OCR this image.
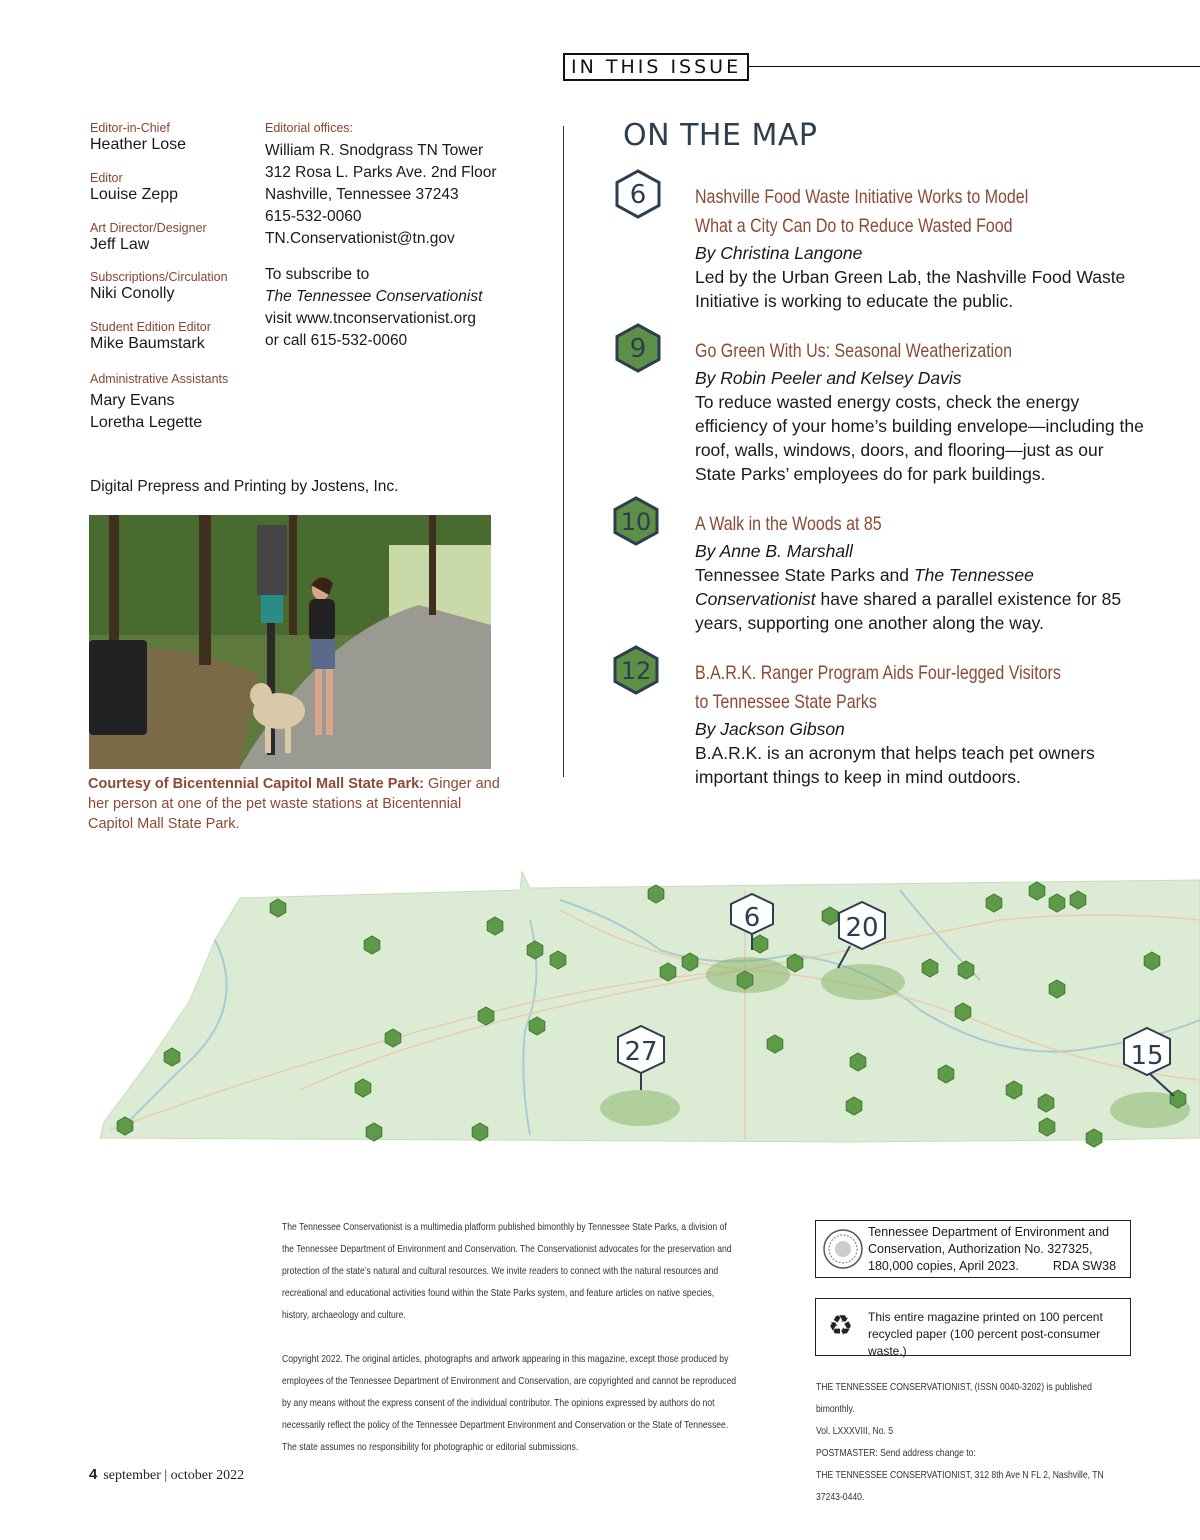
IN THIS ISSUE
Editor-in-Chief
Heather Lose
Editor
Louise Zepp
Art Director/Designer
Jeff Law
Subscriptions/Circulation
Niki Conolly
Student Edition Editor
Mike Baumstark
Administrative Assistants
Mary Evans
Loretha Legette
Editorial offices:
William R. Snodgrass TN Tower
312 Rosa L. Parks Ave. 2nd Floor
Nashville, Tennessee 37243
615-532-0060
TN.Conservationist@tn.gov
To subscribe to
The Tennessee Conservationist
visit www.tnconservationist.org
or call 615-532-0060
Digital Prepress and Printing by Jostens, Inc.
Courtesy of Bicentennial Capitol Mall State Park: Ginger and her person at one of the pet waste stations at Bicentennial Capitol Mall State Park.
ON THE MAP
6 Nashville Food Waste Initiative Works to Model
What a City Can Do to Reduce Wasted Food
By Christina Langone
Led by the Urban Green Lab, the Nashville Food Waste Initiative is working to educate the public.
9 Go Green With Us: Seasonal Weatherization
By Robin Peeler and Kelsey Davis
To reduce wasted energy costs, check the energy efficiency of your home’s building envelope—including the roof, walls, windows, doors, and flooring—just as our State Parks’ employees do for park buildings.
10 A Walk in the Woods at 85
By Anne B. Marshall
Tennessee State Parks and The Tennessee Conservationist have shared a parallel existence for 85 years, supporting one another along the way.
12 B.A.R.K. Ranger Program Aids Four-legged Visitors
to Tennessee State Parks
By Jackson Gibson
B.A.R.K. is an acronym that helps teach pet owners important things to keep in mind outdoors.
6	20
27	15
The Tennessee Conservationist is a multimedia platform published bimonthly by Tennessee State Parks, a division of
the Tennessee Department of Environment and Conservation. The Conservationist advocates for the preservation and
protection of the state’s natural and cultural resources. We invite readers to connect with the natural resources and
recreational and educational activities found within the State Parks system, and feature articles on native species,
history, archaeology and culture.
Copyright 2022. The original articles, photographs and artwork appearing in this magazine, except those produced by
employees of the Tennessee Department of Environment and Conservation, are copyrighted and cannot be reproduced
by any means without the express consent of the individual contributor. The opinions expressed by authors do not
necessarily reflect the policy of the Tennessee Department Environment and Conservation or the State of Tennessee.
The state assumes no responsibility for photographic or editorial submissions.
Tennessee Department of Environment and
Conservation, Authorization No. 327325,
180,000 copies, April 2023.	RDA SW38
♻ This entire magazine printed on 100 percent
recycled paper (100 percent post-consumer waste.)
THE TENNESSEE CONSERVATIONIST, (ISSN 0040-3202) is published bimonthly.
Vol. LXXXVIII, No. 5
POSTMASTER: Send address change to:
THE TENNESSEE CONSERVATIONIST, 312 8th Ave N FL 2, Nashville, TN 37243-0440.
4 september | october 2022
